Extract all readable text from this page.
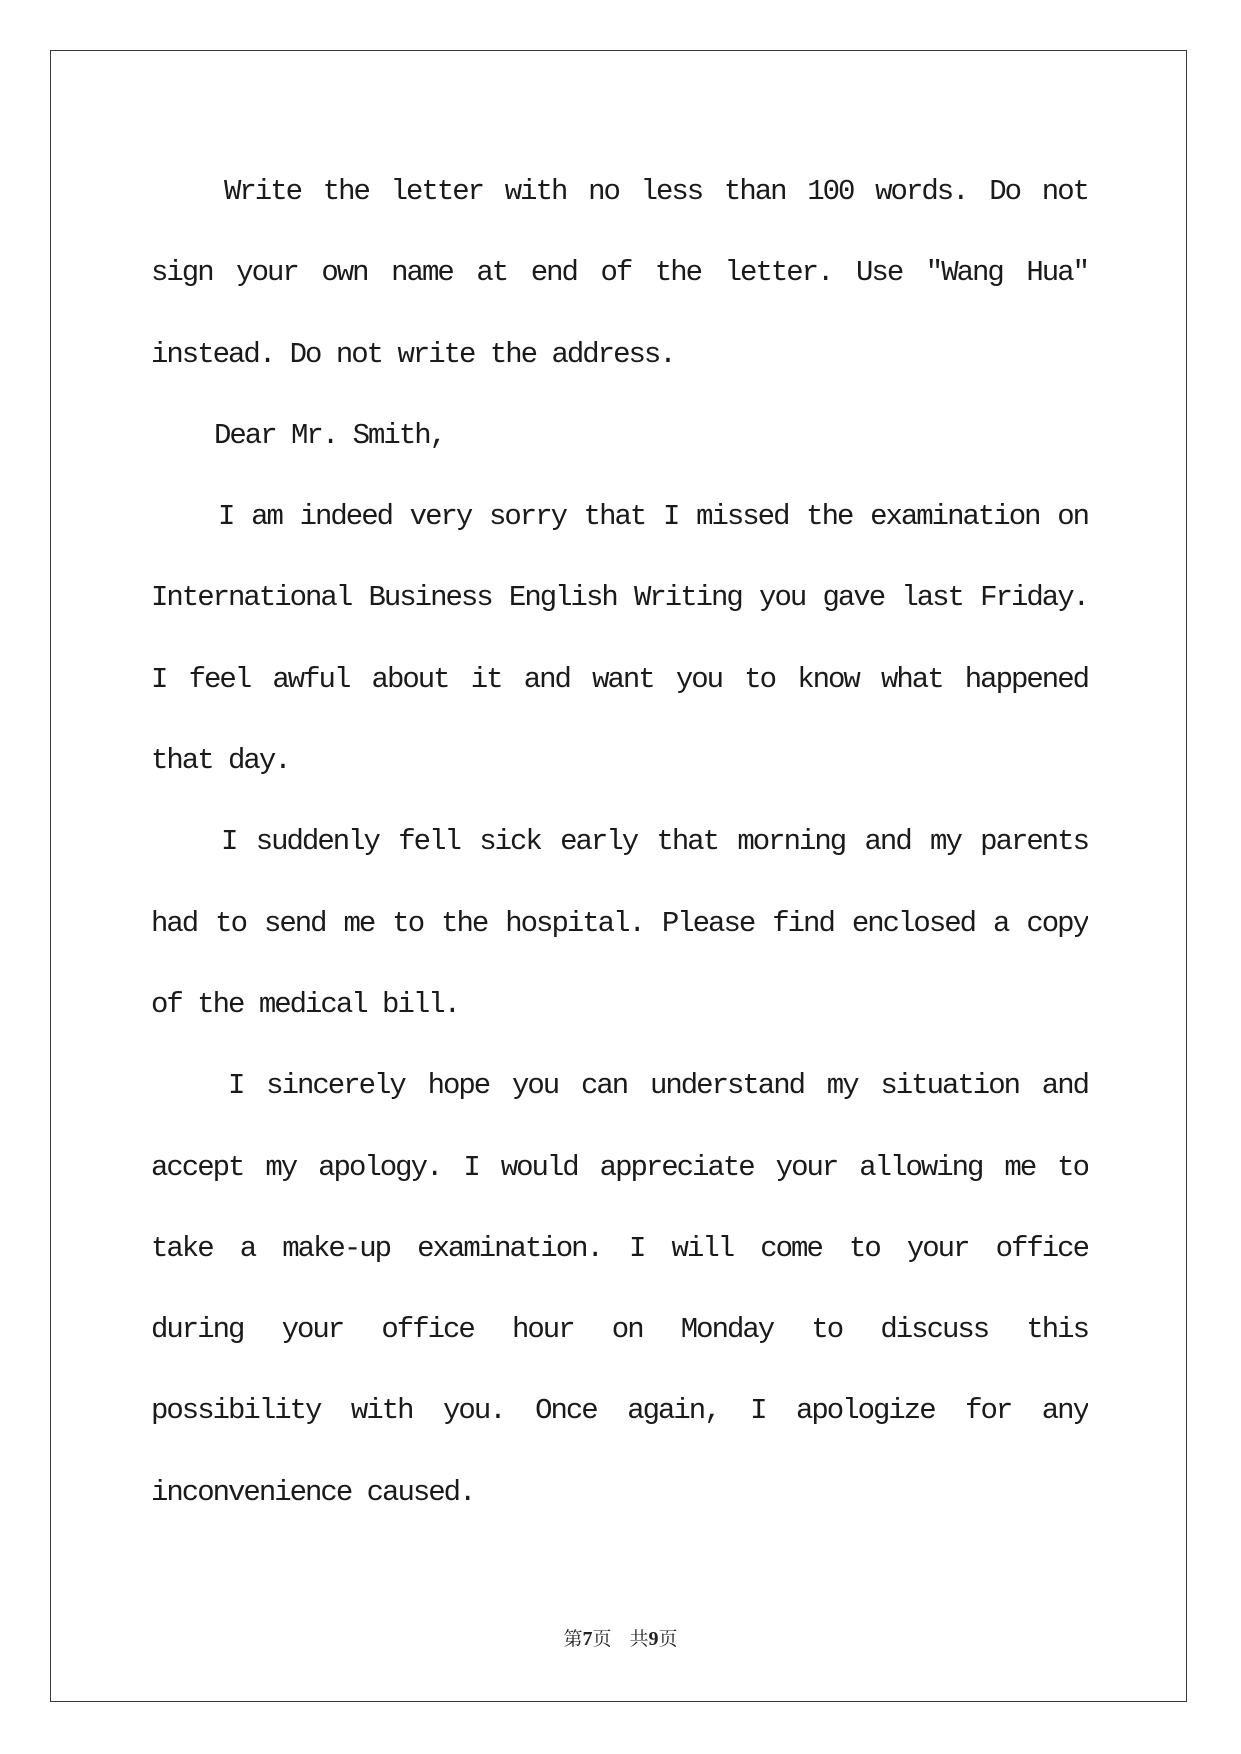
Write the letter with no less than 100 words. Do not
sign your own name at end of the letter. Use "Wang Hua"
instead. Do not write the address.
Dear Mr. Smith,
I am indeed very sorry that I missed the examination on
International Business English Writing you gave last Friday.
I feel awful about it and want you to know what happened
that day.
I suddenly fell sick early that morning and my parents
had to send me to the hospital. Please find enclosed a copy
of the medical bill.
I sincerely hope you can understand my situation and
accept my apology. I would appreciate your allowing me to
take a make-up examination. I will come to your office
during your office hour on Monday to discuss this
possibility with you. Once again, I apologize for any
inconvenience caused.
第7页 共9页
